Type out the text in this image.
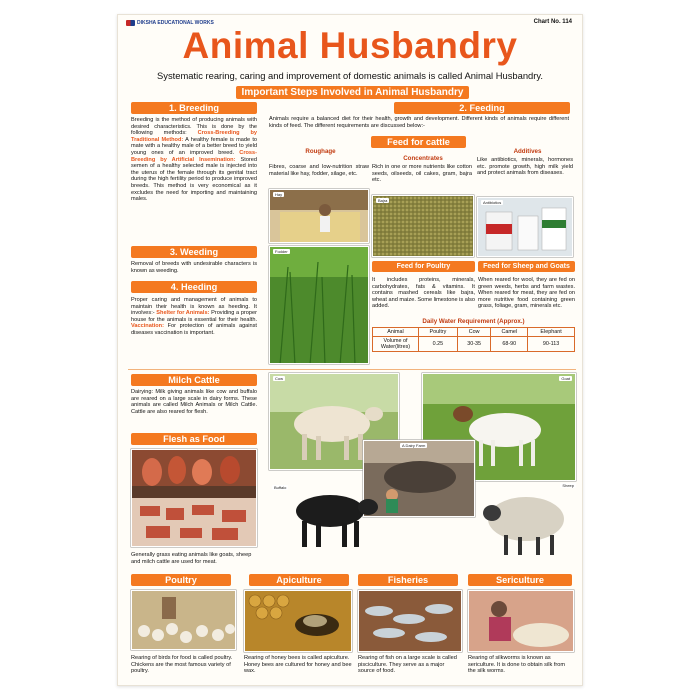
DIKSHA EDUCATIONAL WORKS	Chart No. 114
Animal Husbandry
Systematic rearing, caring and improvement of domestic animals is called Animal Husbandry.
Important Steps Involved in Animal Husbandry
1. Breeding
Breeding is the method of producing animals with desired characteristics. This is done by the following methods: Cross-Breeding by Traditional Method: A healthy female is made to mate with a healthy male of a better breed to yield young ones of an improved breed. Cross-Breeding by Artificial Insemination: Stored semen of a healthy selected male is injected into the uterus of the female through its genital tract during the high fertility period to produce improved breeds. This method is very economical as it excludes the need for importing and maintaining males.
3. Weeding
Removal of breeds with undesirable characters is known as weeding.
4. Heeding
Proper caring and management of animals to maintain their health is known as heeding. It involves:- Shelter for Animals: Providing a proper house for the animals is essential for their health. Vaccination: For protection of animals against diseases vaccination is important.
2. Feeding
Animals require a balanced diet for their health, growth and development. Different kinds of animals require different kinds of feed. The different requirements are discussed below:-
Feed for cattle
Roughage
Concentrates
Additives
Fibres, coarse and low-nutrition straw material like hay, fodder, silage, etc.
Rich in one or more nutrients like cotton seeds, oilseeds, oil cakes, gram, bajra etc.
Like antibiotics, minerals, hormones etc. promote growth, high milk yield and protect animals from diseases.
Hay
Bajra	Antibiotics
Fodder
Feed for Poultry	Feed for Sheep and Goats
It includes proteins, minerals, carbohydrates, fats & vitamins. It contains mashed cereals like bajra, wheat and maize. Some limestone is also added.
When reared for wool, they are fed on green weeds, herbs and farm wastes. When reared for meat, they are fed on more nutritive food containing green grass, foliage, gram, minerals etc.
Daily Water Requirement (Approx.)
Animal	Poultry	Cow	Camel	Elephant
Volume of Water(litres)	0.25	30-35	68-90	90-113
Milch Cattle
Dairying: Milk giving animals like cow and buffalo are reared on a large scale in dairy forms. These animals are called Milch Animals or Milch Cattle. Cattle are also reared for flesh.
Flesh as Food
Generally grass eating animals like goats, sheep and milch cattle are used for meat.
Cow	Goat
A Dairy Farm
Buffalo	Sheep
Poultry	Apiculture	Fisheries	Sericulture
Rearing of birds for food is called poultry. Chickens are the most famous variety of poultry.
Rearing of honey bees is called apiculture. Honey bees are cultured for honey and bee wax.
Rearing of fish on a large scale is called pisciculture. They serve as a major source of food.
Rearing of silkworms is known as sericulture. It is done to obtain silk from the silk worms.
